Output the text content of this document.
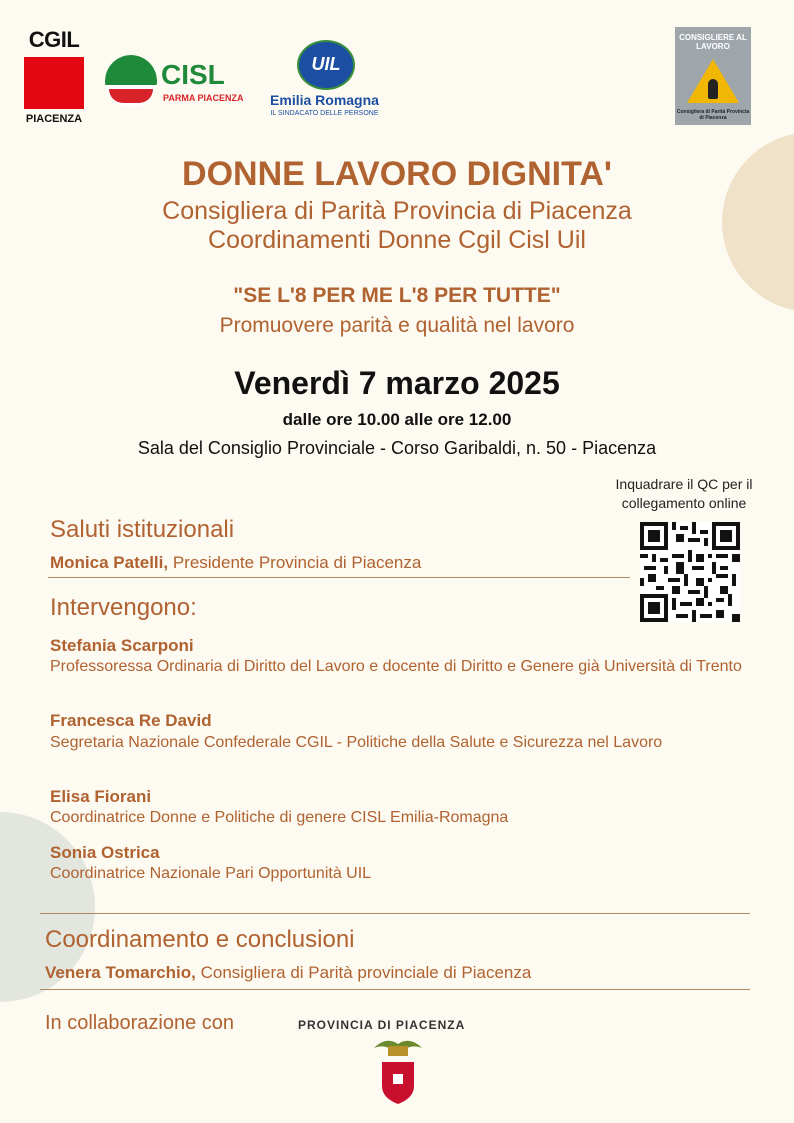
CGIL
PIACENZA
CISL
PARMA PIACENZA
UIL
Emilia Romagna
IL SINDACATO DELLE PERSONE
CONSIGLIERE AL LAVORO
Consigliera di Parità Provincia di Piacenza
DONNE LAVORO DIGNITA'
Consigliera di Parità Provincia di Piacenza
Coordinamenti Donne Cgil Cisl Uil
"SE L'8 PER ME L'8 PER TUTTE"
Promuovere parità e qualità nel lavoro
Venerdì 7 marzo 2025
dalle ore 10.00 alle ore 12.00
Sala del Consiglio Provinciale - Corso Garibaldi, n. 50 - Piacenza
Inquadrare il QC per il
collegamento online
Saluti istituzionali
Monica Patelli, Presidente Provincia di Piacenza
Intervengono:
Stefania Scarponi
Professoressa Ordinaria di Diritto del Lavoro e docente di Diritto e Genere già Università di Trento
Francesca Re David
Segretaria Nazionale Confederale CGIL - Politiche della Salute e Sicurezza nel Lavoro
Elisa Fiorani
Coordinatrice Donne e Politiche di genere CISL Emilia-Romagna
Sonia Ostrica
Coordinatrice Nazionale Pari Opportunità UIL
Coordinamento e conclusioni
Venera Tomarchio, Consigliera di Parità provinciale di Piacenza
In collaborazione con	PROVINCIA DI PIACENZA
